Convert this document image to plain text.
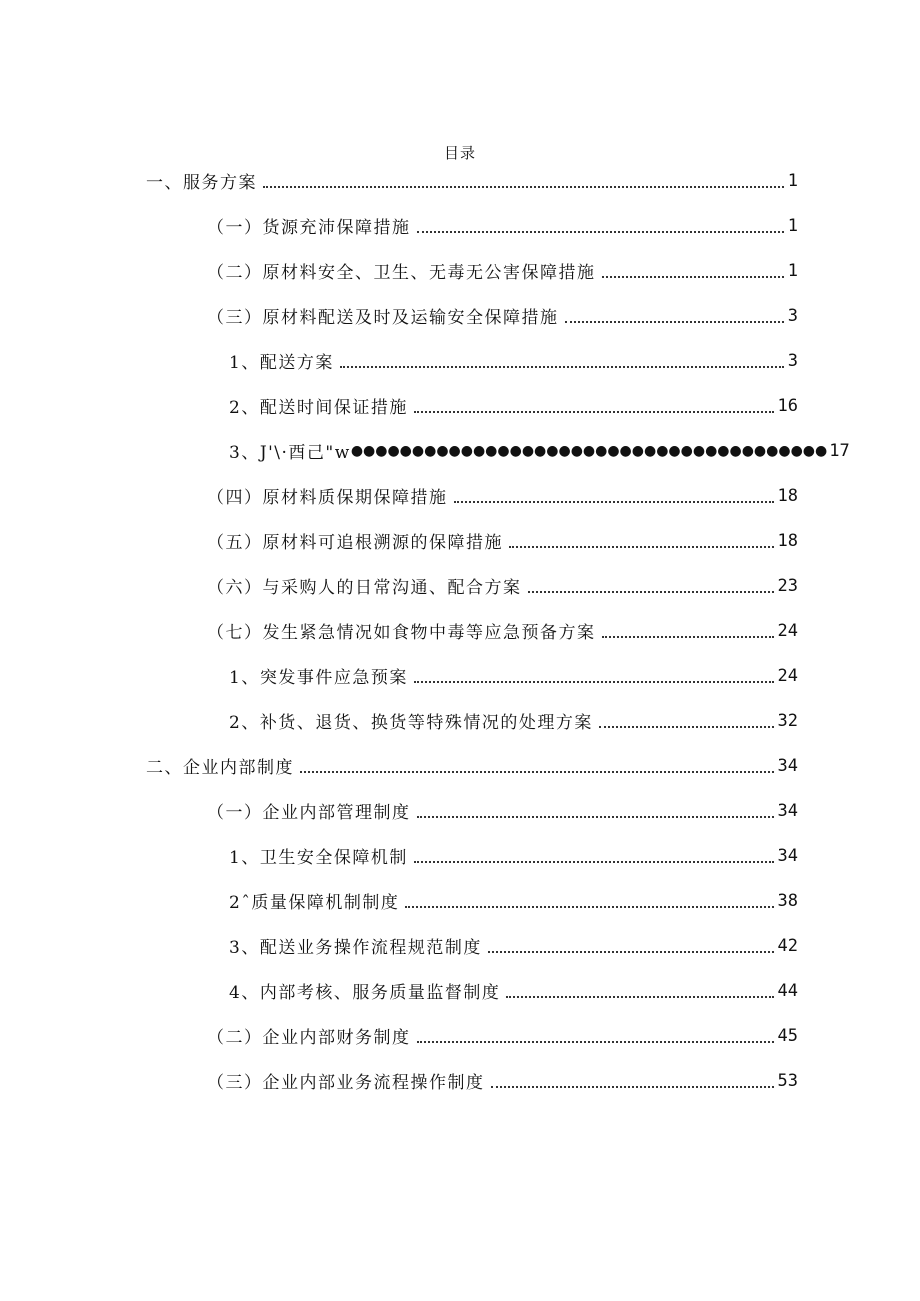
目录
一、服务方案	1
（一）货源充沛保障措施	1
（二）原材料安全、卫生、无毒无公害保障措施	1
（三）原材料配送及时及运输安全保障措施	3
1、配送方案	3
2、配送时间保证措施	16
3、J'\·酉己"w ●●●●●●●●●●●●●●●●●●●●●●●●●●●●●●●●●●●●●●● 17
（四）原材料质保期保障措施	18
（五）原材料可追根溯源的保障措施	18
（六）与采购人的日常沟通、配合方案	23
（七）发生紧急情况如食物中毒等应急预备方案	24
1、突发事件应急预案	24
2、补货、退货、换货等特殊情况的处理方案	32
二、企业内部制度	34
（一）企业内部管理制度	34
1、卫生安全保障机制	34
2ˆ质量保障机制制度	38
3、配送业务操作流程规范制度	42
4、内部考核、服务质量监督制度	44
（二）企业内部财务制度	45
（三）企业内部业务流程操作制度	53
